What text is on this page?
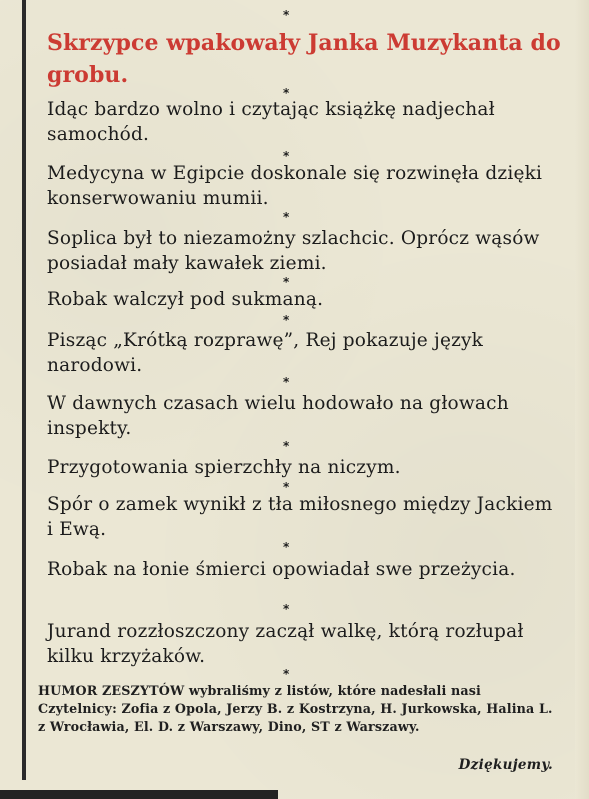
*
Skrzypce wpakowały Janka Muzykanta do grobu.
*

Idąc bardzo wolno i czytając książkę nadjechał samochód.

*

Medycyna w Egipcie doskonale się rozwinęła dzięki konserwowaniu mumii.

*

Soplica był to niezamożny szlachcic. Oprócz wąsów posiadał mały kawałek ziemi.

*

Robak walczył pod sukmaną.

*

Pisząc „Krótką rozprawę”, Rej pokazuje język narodowi.

*

W dawnych czasach wielu hodowało na głowach inspekty.

*

Przygotowania spierzchły na niczym.

*

Spór o zamek wynikł z tła miłosnego między Jackiem i Ewą.

*

Robak na łonie śmierci opowiadał swe przeżycia.

*

Jurand rozzłoszczony zaczął walkę, którą rozłupał kilku krzyżaków.

*

HUMOR ZESZYTÓW wybraliśmy z listów, które nadesłali nasi Czytelnicy: Zofia z Opola, Jerzy B. z Kostrzyna, H. Jurkowska, Halina L. z Wrocławia, El. D. z Warszawy, Dino, ST z Warszawy.

Dziękujemy.
